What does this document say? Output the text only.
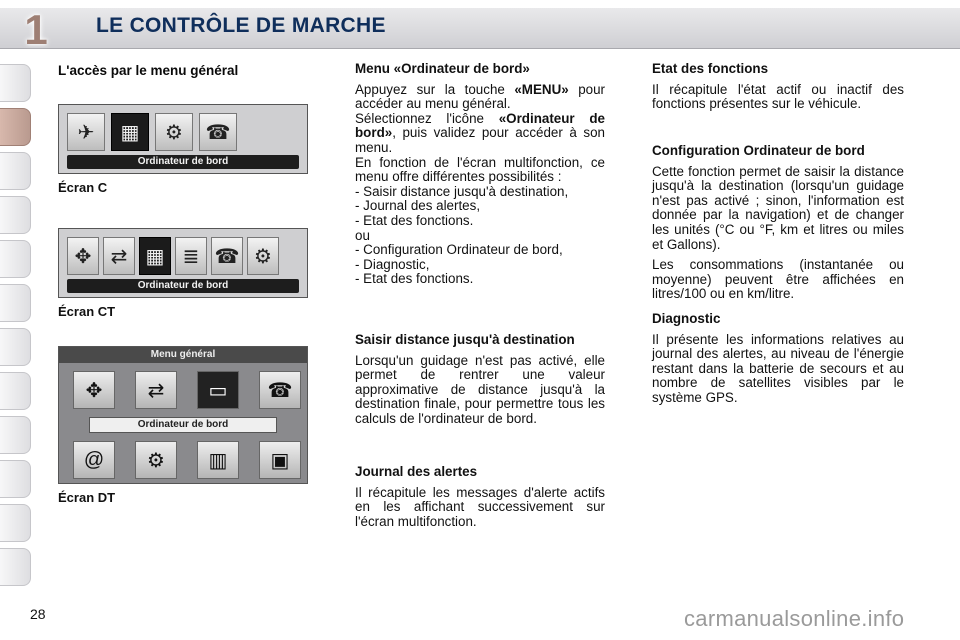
1	LE CONTRÔLE DE MARCHE
L'accès par le menu général
✈	▦	⚙	☎
Ordinateur de bord
Écran C
✥ ⇄ ▦ ≣ ☎ ⚙
Ordinateur de bord
Écran CT
Menu général
✥	⇄	▭	☎
Ordinateur de bord
@	⚙	▥	▣
Écran DT
Menu «Ordinateur de bord»

Appuyez sur la touche «MENU» pour accéder au menu général.

Sélectionnez l'icône «Ordinateur de bord», puis validez pour accéder à son menu.

En fonction de l'écran multifonction, ce menu offre différentes possibilités :

- Saisir distance jusqu'à destination,
- Journal des alertes,
- Etat des fonctions.
ou
- Configuration Ordinateur de bord,
- Diagnostic,
- Etat des fonctions.
Saisir distance jusqu'à destination

Lorsqu'un guidage n'est pas activé, elle permet de rentrer une valeur approximative de distance jusqu'à la destination finale, pour permettre tous les calculs de l'ordinateur de bord.

Journal des alertes

Il récapitule les messages d'alerte actifs en les affichant successivement sur l'écran multifonction.

Etat des fonctions

Il récapitule l'état actif ou inactif des fonctions présentes sur le véhicule.

Configuration Ordinateur de bord

Cette fonction permet de saisir la distance jusqu'à la destination (lorsqu'un guidage n'est pas activé ; sinon, l'information est donnée par la navigation) et de changer les unités (°C ou °F, km et litres ou miles et Gallons).

Les consommations (instantanée ou moyenne) peuvent être affichées en litres/100 ou en km/litre.

Diagnostic

Il présente les informations relatives au journal des alertes, au niveau de l'énergie restant dans la batterie de secours et au nombre de satellites visibles par le système GPS.

28	carmanualsonline.info
